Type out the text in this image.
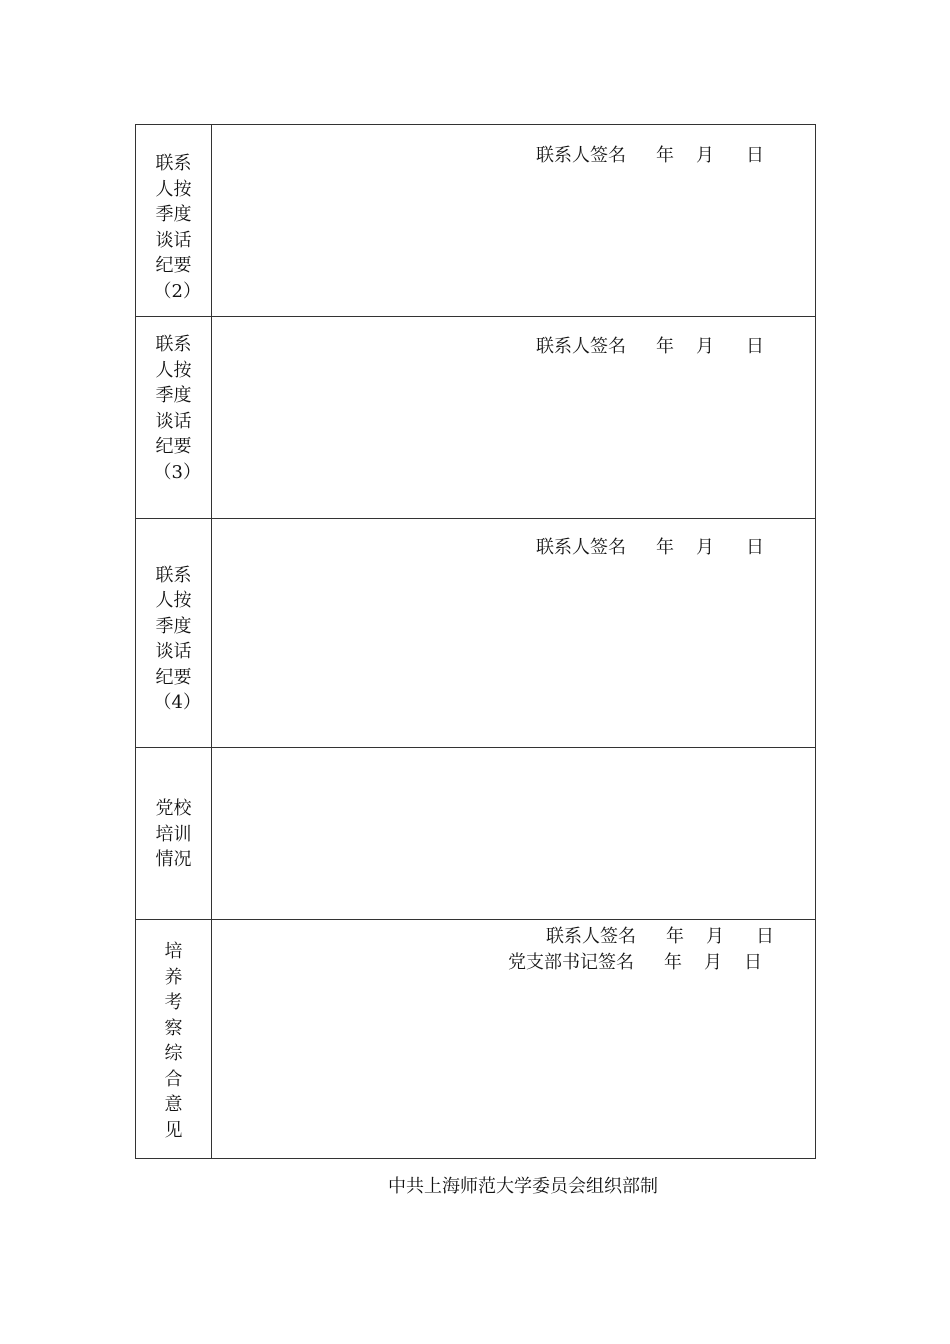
联系
人按
季度
谈话
纪要
（2）
联系人签名 年 月 日
联系
人按
季度
谈话
纪要
（3）
联系人签名 年 月 日
联系
人按
季度
谈话
纪要
（4）
联系人签名 年 月 日
党校
培训
情况
培
养
考
察
综
合
意
见
联系人签名 年 月 日
党支部书记签名 年 月 日
中共上海师范大学委员会组织部制
